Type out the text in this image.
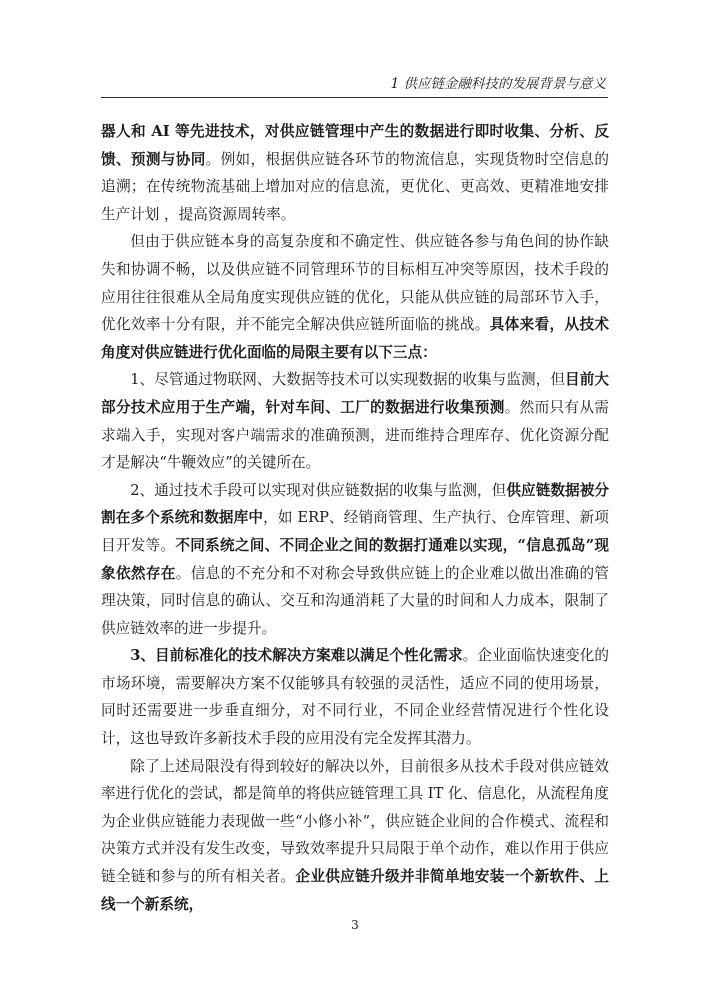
1 供应链金融科技的发展背景与意义

器人和 AI 等先进技术，对供应链管理中产生的数据进行即时收集、分析、反馈、预测与协同。例如，根据供应链各环节的物流信息，实现货物时空信息的追溯；在传统物流基础上增加对应的信息流，更优化、更高效、更精准地安排生产计划 ，提高资源周转率。

但由于供应链本身的高复杂度和不确定性、供应链各参与角色间的协作缺失和协调不畅，以及供应链不同管理环节的目标相互冲突等原因，技术手段的应用往往很难从全局角度实现供应链的优化，只能从供应链的局部环节入手，优化效率十分有限，并不能完全解决供应链所面临的挑战。具体来看，从技术角度对供应链进行优化面临的局限主要有以下三点：

1、尽管通过物联网、大数据等技术可以实现数据的收集与监测，但目前大部分技术应用于生产端，针对车间、工厂的数据进行收集预测。然而只有从需求端入手，实现对客户端需求的准确预测，进而维持合理库存、优化资源分配才是解决“牛鞭效应”的关键所在。

2、通过技术手段可以实现对供应链数据的收集与监测，但供应链数据被分割在多个系统和数据库中，如 ERP、经销商管理、生产执行、仓库管理、新项目开发等。不同系统之间、不同企业之间的数据打通难以实现，“信息孤岛”现象依然存在。信息的不充分和不对称会导致供应链上的企业难以做出准确的管理决策，同时信息的确认、交互和沟通消耗了大量的时间和人力成本，限制了供应链效率的进一步提升。

3、目前标准化的技术解决方案难以满足个性化需求。企业面临快速变化的市场环境，需要解决方案不仅能够具有较强的灵活性，适应不同的使用场景，同时还需要进一步垂直细分，对不同行业，不同企业经营情况进行个性化设计，这也导致许多新技术手段的应用没有完全发挥其潜力。

除了上述局限没有得到较好的解决以外，目前很多从技术手段对供应链效率进行优化的尝试，都是简单的将供应链管理工具 IT 化、信息化，从流程角度为企业供应链能力表现做一些“小修小补”，供应链企业间的合作模式、流程和决策方式并没有发生改变，导致效率提升只局限于单个动作，难以作用于供应链全链和参与的所有相关者。企业供应链升级并非简单地安装一个新软件、上线一个新系统，

3
